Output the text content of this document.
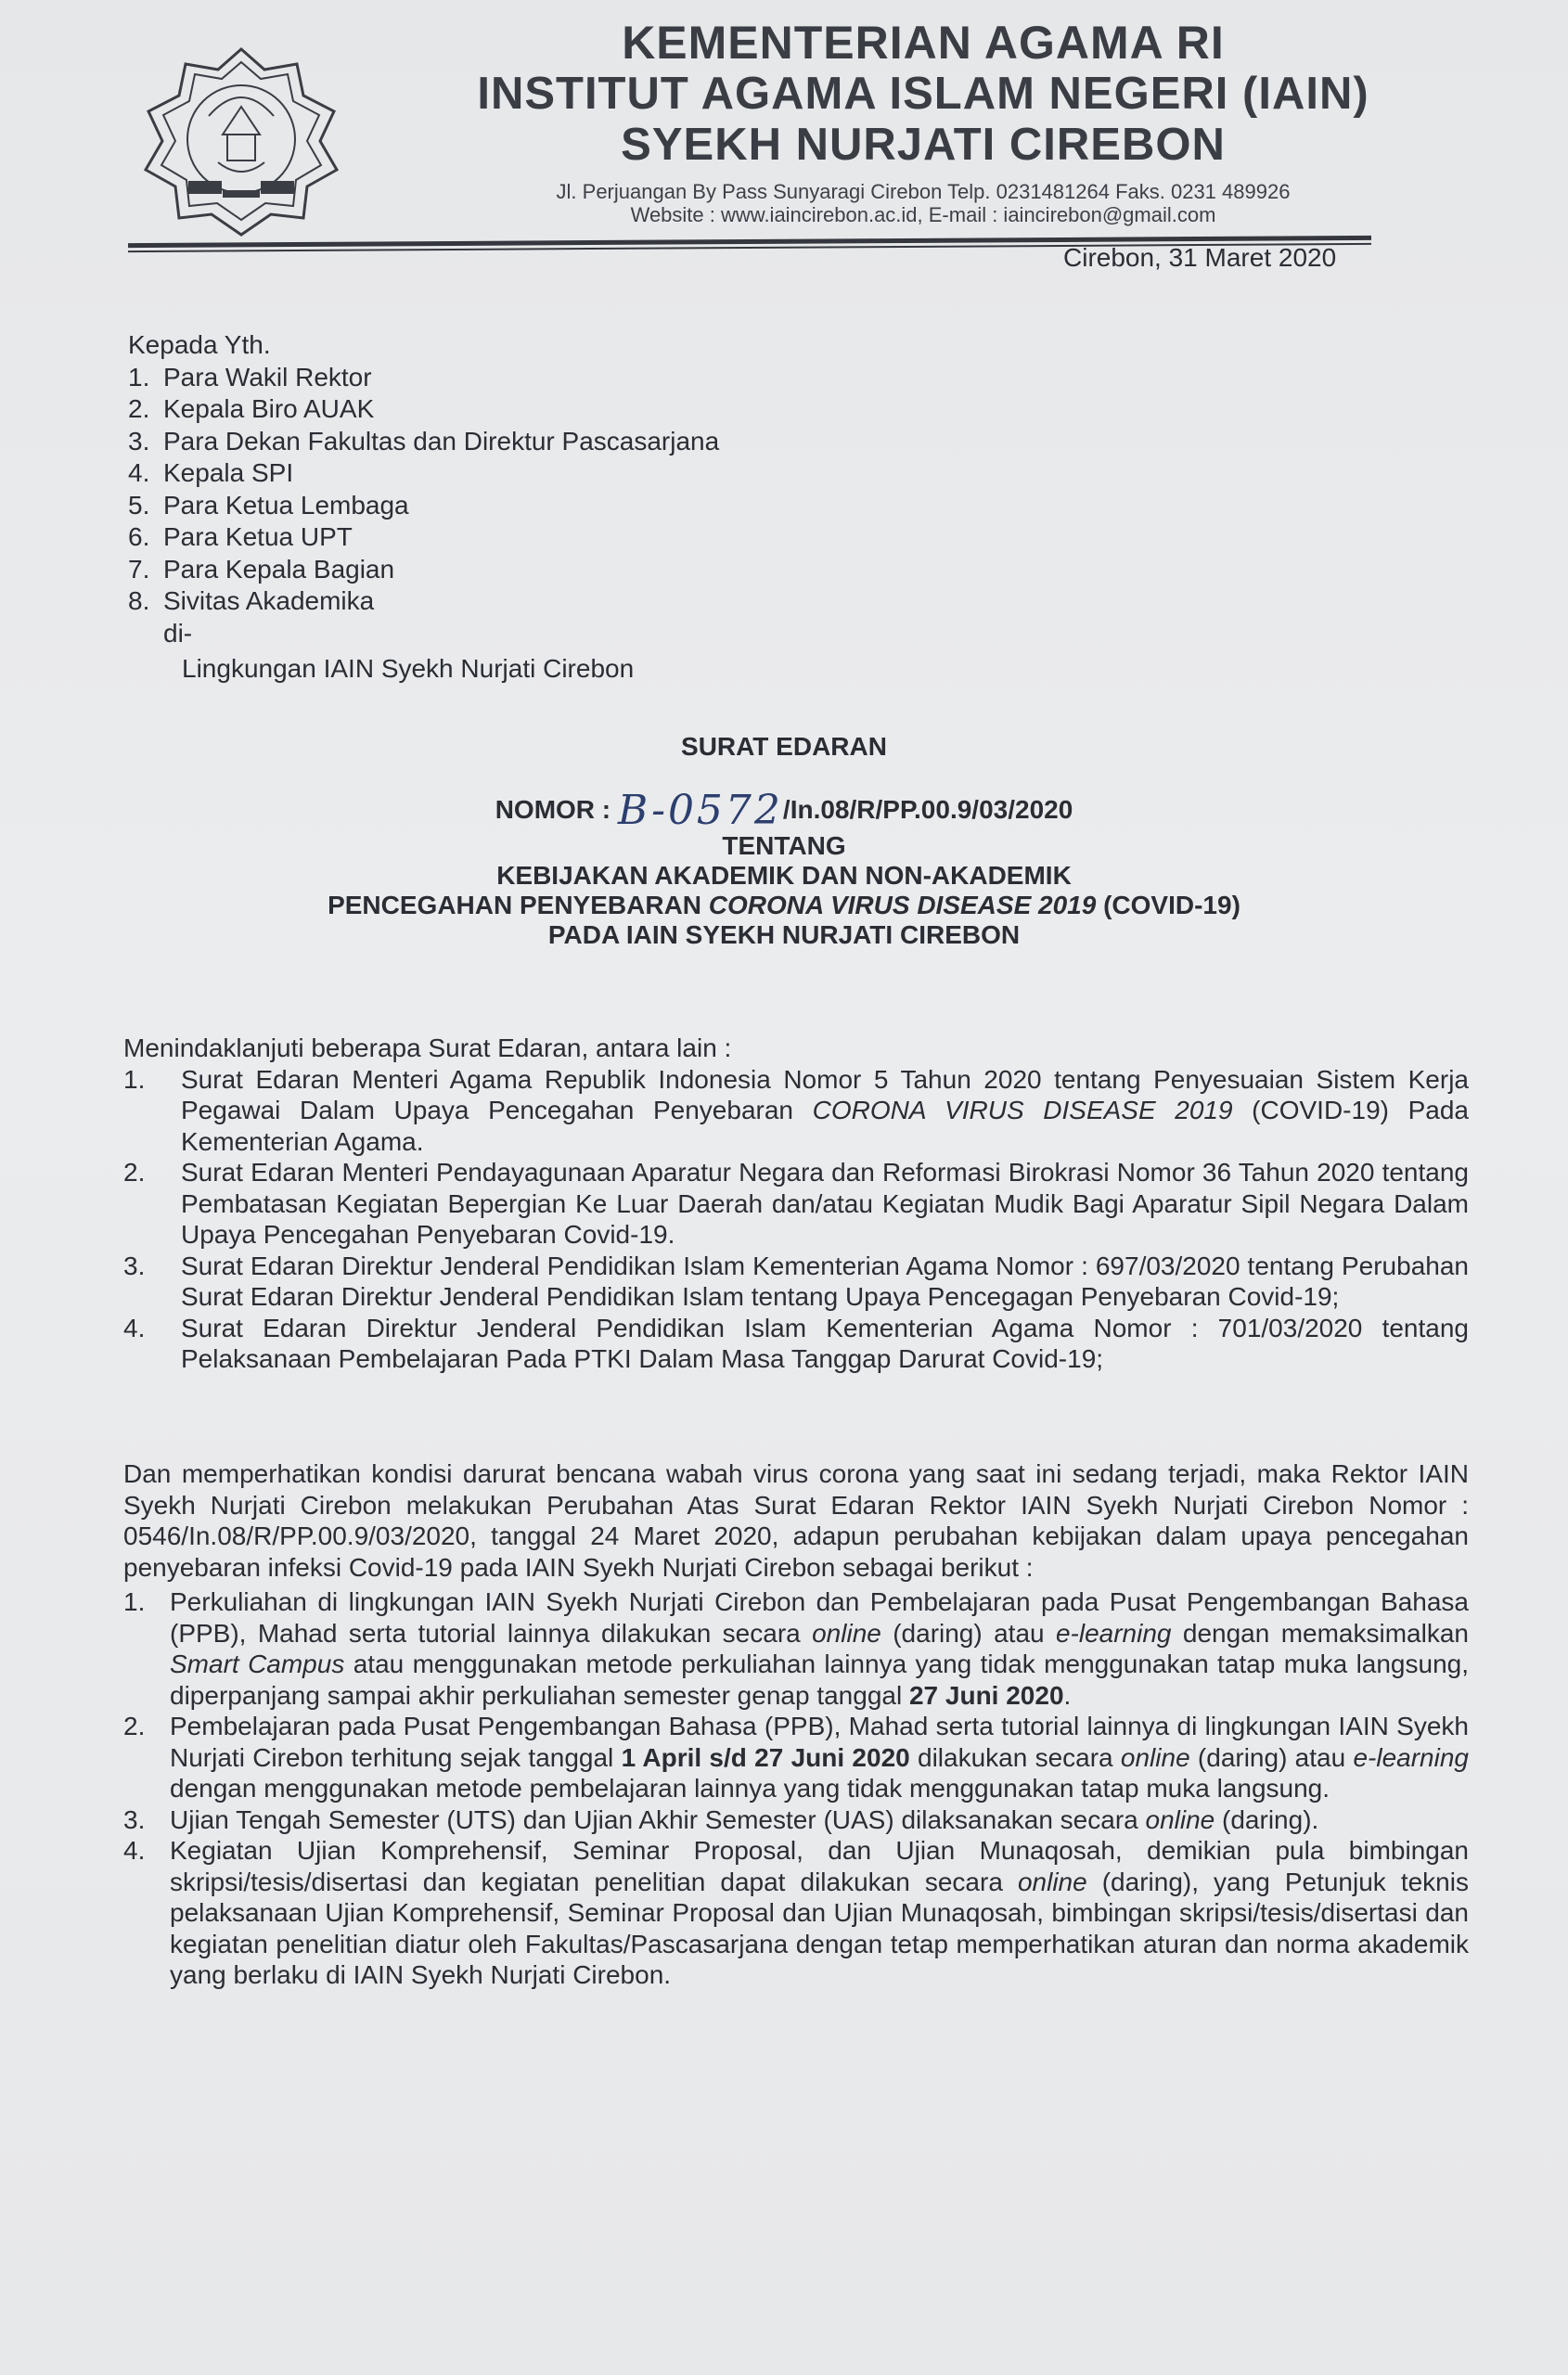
KEMENTERIAN AGAMA RI
INSTITUT AGAMA ISLAM NEGERI (IAIN)
SYEKH NURJATI CIREBON
Jl. Perjuangan By Pass Sunyaragi Cirebon Telp. 0231481264 Faks. 0231 489926
Website : www.iaincirebon.ac.id, E-mail : iaincirebon@gmail.com
Cirebon, 31 Maret 2020
Kepada Yth.
1. Para Wakil Rektor
2. Kepala Biro AUAK
3. Para Dekan Fakultas dan Direktur Pascasarjana
4. Kepala SPI
5. Para Ketua Lembaga
6. Para Ketua UPT
7. Para Kepala Bagian
8. Sivitas Akademika
di-
Lingkungan IAIN Syekh Nurjati Cirebon
SURAT EDARAN
NOMOR : B-0572/In.08/R/PP.00.9/03/2020
TENTANG
KEBIJAKAN AKADEMIK DAN NON-AKADEMIK
PENCEGAHAN PENYEBARAN CORONA VIRUS DISEASE 2019 (COVID-19)
PADA IAIN SYEKH NURJATI CIREBON
Menindaklanjuti beberapa Surat Edaran, antara lain :
1.	Surat Edaran Menteri Agama Republik Indonesia Nomor 5 Tahun 2020 tentang Penyesuaian Sistem Kerja Pegawai Dalam Upaya Pencegahan Penyebaran CORONA VIRUS DISEASE 2019 (COVID-19) Pada Kementerian Agama.
2.	Surat Edaran Menteri Pendayagunaan Aparatur Negara dan Reformasi Birokrasi Nomor 36 Tahun 2020 tentang Pembatasan Kegiatan Bepergian Ke Luar Daerah dan/atau Kegiatan Mudik Bagi Aparatur Sipil Negara Dalam Upaya Pencegahan Penyebaran Covid-19.
3.	Surat Edaran Direktur Jenderal Pendidikan Islam Kementerian Agama Nomor : 697/03/2020 tentang Perubahan Surat Edaran Direktur Jenderal Pendidikan Islam tentang Upaya Pencegagan Penyebaran Covid-19;
4.	Surat Edaran Direktur Jenderal Pendidikan Islam Kementerian Agama Nomor : 701/03/2020 tentang Pelaksanaan Pembelajaran Pada PTKI Dalam Masa Tanggap Darurat Covid-19;
Dan memperhatikan kondisi darurat bencana wabah virus corona yang saat ini sedang terjadi, maka Rektor IAIN Syekh Nurjati Cirebon melakukan Perubahan Atas Surat Edaran Rektor IAIN Syekh Nurjati Cirebon Nomor : 0546/In.08/R/PP.00.9/03/2020, tanggal 24 Maret 2020, adapun perubahan kebijakan dalam upaya pencegahan penyebaran infeksi Covid-19 pada IAIN Syekh Nurjati Cirebon sebagai berikut :
1. Perkuliahan di lingkungan IAIN Syekh Nurjati Cirebon dan Pembelajaran pada Pusat Pengembangan Bahasa (PPB), Mahad serta tutorial lainnya dilakukan secara online (daring) atau e-learning dengan memaksimalkan Smart Campus atau menggunakan metode perkuliahan lainnya yang tidak menggunakan tatap muka langsung, diperpanjang sampai akhir perkuliahan semester genap tanggal 27 Juni 2020.
2. Pembelajaran pada Pusat Pengembangan Bahasa (PPB), Mahad serta tutorial lainnya di lingkungan IAIN Syekh Nurjati Cirebon terhitung sejak tanggal 1 April s/d 27 Juni 2020 dilakukan secara online (daring) atau e-learning dengan menggunakan metode pembelajaran lainnya yang tidak menggunakan tatap muka langsung.
3. Ujian Tengah Semester (UTS) dan Ujian Akhir Semester (UAS) dilaksanakan secara online (daring).
4. Kegiatan Ujian Komprehensif, Seminar Proposal, dan Ujian Munaqosah, demikian pula bimbingan skripsi/tesis/disertasi dan kegiatan penelitian dapat dilakukan secara online (daring), yang Petunjuk teknis pelaksanaan Ujian Komprehensif, Seminar Proposal dan Ujian Munaqosah, bimbingan skripsi/tesis/disertasi dan kegiatan penelitian diatur oleh Fakultas/Pascasarjana dengan tetap memperhatikan aturan dan norma akademik yang berlaku di IAIN Syekh Nurjati Cirebon.
